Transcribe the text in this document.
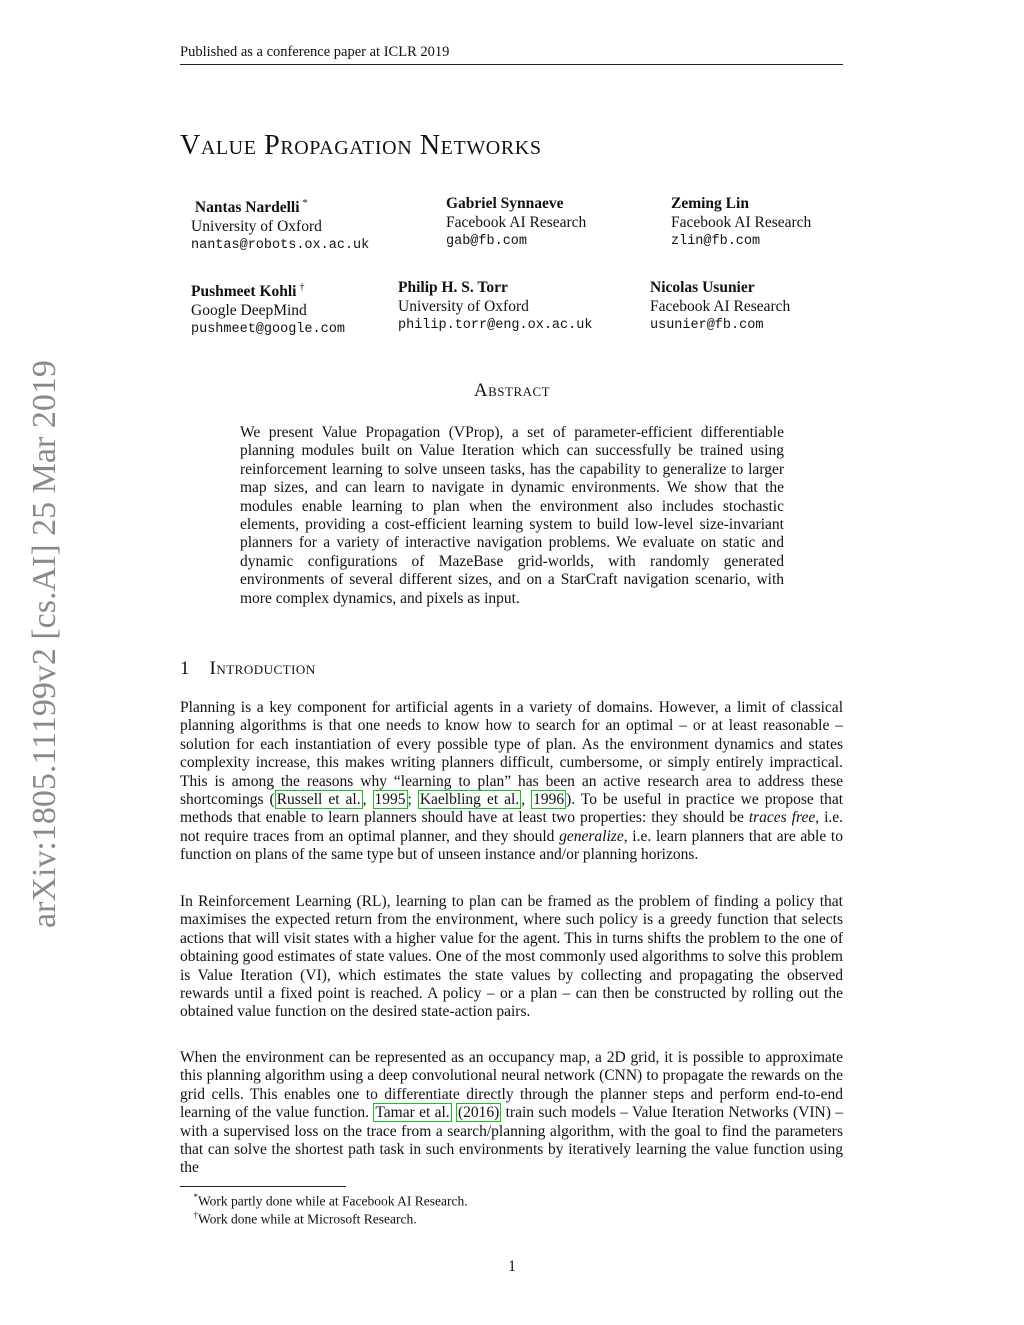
Published as a conference paper at ICLR 2019
arXiv:1805.11199v2 [cs.AI] 25 Mar 2019
Value Propagation Networks
Nantas Nardelli *
University of Oxford
nantas@robots.ox.ac.uk
Gabriel Synnaeve
Facebook AI Research
gab@fb.com
Zeming Lin
Facebook AI Research
zlin@fb.com
Pushmeet Kohli †
Google DeepMind
pushmeet@google.com
Philip H. S. Torr
University of Oxford
philip.torr@eng.ox.ac.uk
Nicolas Usunier
Facebook AI Research
usunier@fb.com
Abstract
We present Value Propagation (VProp), a set of parameter-efficient differentiable planning modules built on Value Iteration which can successfully be trained using reinforcement learning to solve unseen tasks, has the capability to generalize to larger map sizes, and can learn to navigate in dynamic environments. We show that the modules enable learning to plan when the environment also includes stochastic elements, providing a cost-efficient learning system to build low-level size-invariant planners for a variety of interactive navigation problems. We evaluate on static and dynamic configurations of MazeBase grid-worlds, with randomly generated environments of several different sizes, and on a StarCraft navigation scenario, with more complex dynamics, and pixels as input.
1 Introduction
Planning is a key component for artificial agents in a variety of domains. However, a limit of classical planning algorithms is that one needs to know how to search for an optimal – or at least reasonable – solution for each instantiation of every possible type of plan. As the environment dynamics and states complexity increase, this makes writing planners difficult, cumbersome, or simply entirely impractical. This is among the reasons why “learning to plan” has been an active research area to address these shortcomings ( Russell et al. , 1995 ; Kaelbling et al. , 1996 ). To be useful in practice we propose that methods that enable to learn planners should have at least two properties: they should be traces free, i.e. not require traces from an optimal planner, and they should generalize, i.e. learn planners that are able to function on plans of the same type but of unseen instance and/or planning horizons.
In Reinforcement Learning (RL), learning to plan can be framed as the problem of finding a policy that maximises the expected return from the environment, where such policy is a greedy function that selects actions that will visit states with a higher value for the agent. This in turns shifts the problem to the one of obtaining good estimates of state values. One of the most commonly used algorithms to solve this problem is Value Iteration (VI), which estimates the state values by collecting and propagating the observed rewards until a fixed point is reached. A policy – or a plan – can then be constructed by rolling out the obtained value function on the desired state-action pairs.
When the environment can be represented as an occupancy map, a 2D grid, it is possible to approximate this planning algorithm using a deep convolutional neural network (CNN) to propagate the rewards on the grid cells. This enables one to differentiate directly through the planner steps and perform end-to-end learning of the value function. Tamar et al. (2016) train such models – Value Iteration Networks (VIN) – with a supervised loss on the trace from a search/planning algorithm, with the goal to find the parameters that can solve the shortest path task in such environments by iteratively learning the value function using the
*Work partly done while at Facebook AI Research.
†Work done while at Microsoft Research.
1
